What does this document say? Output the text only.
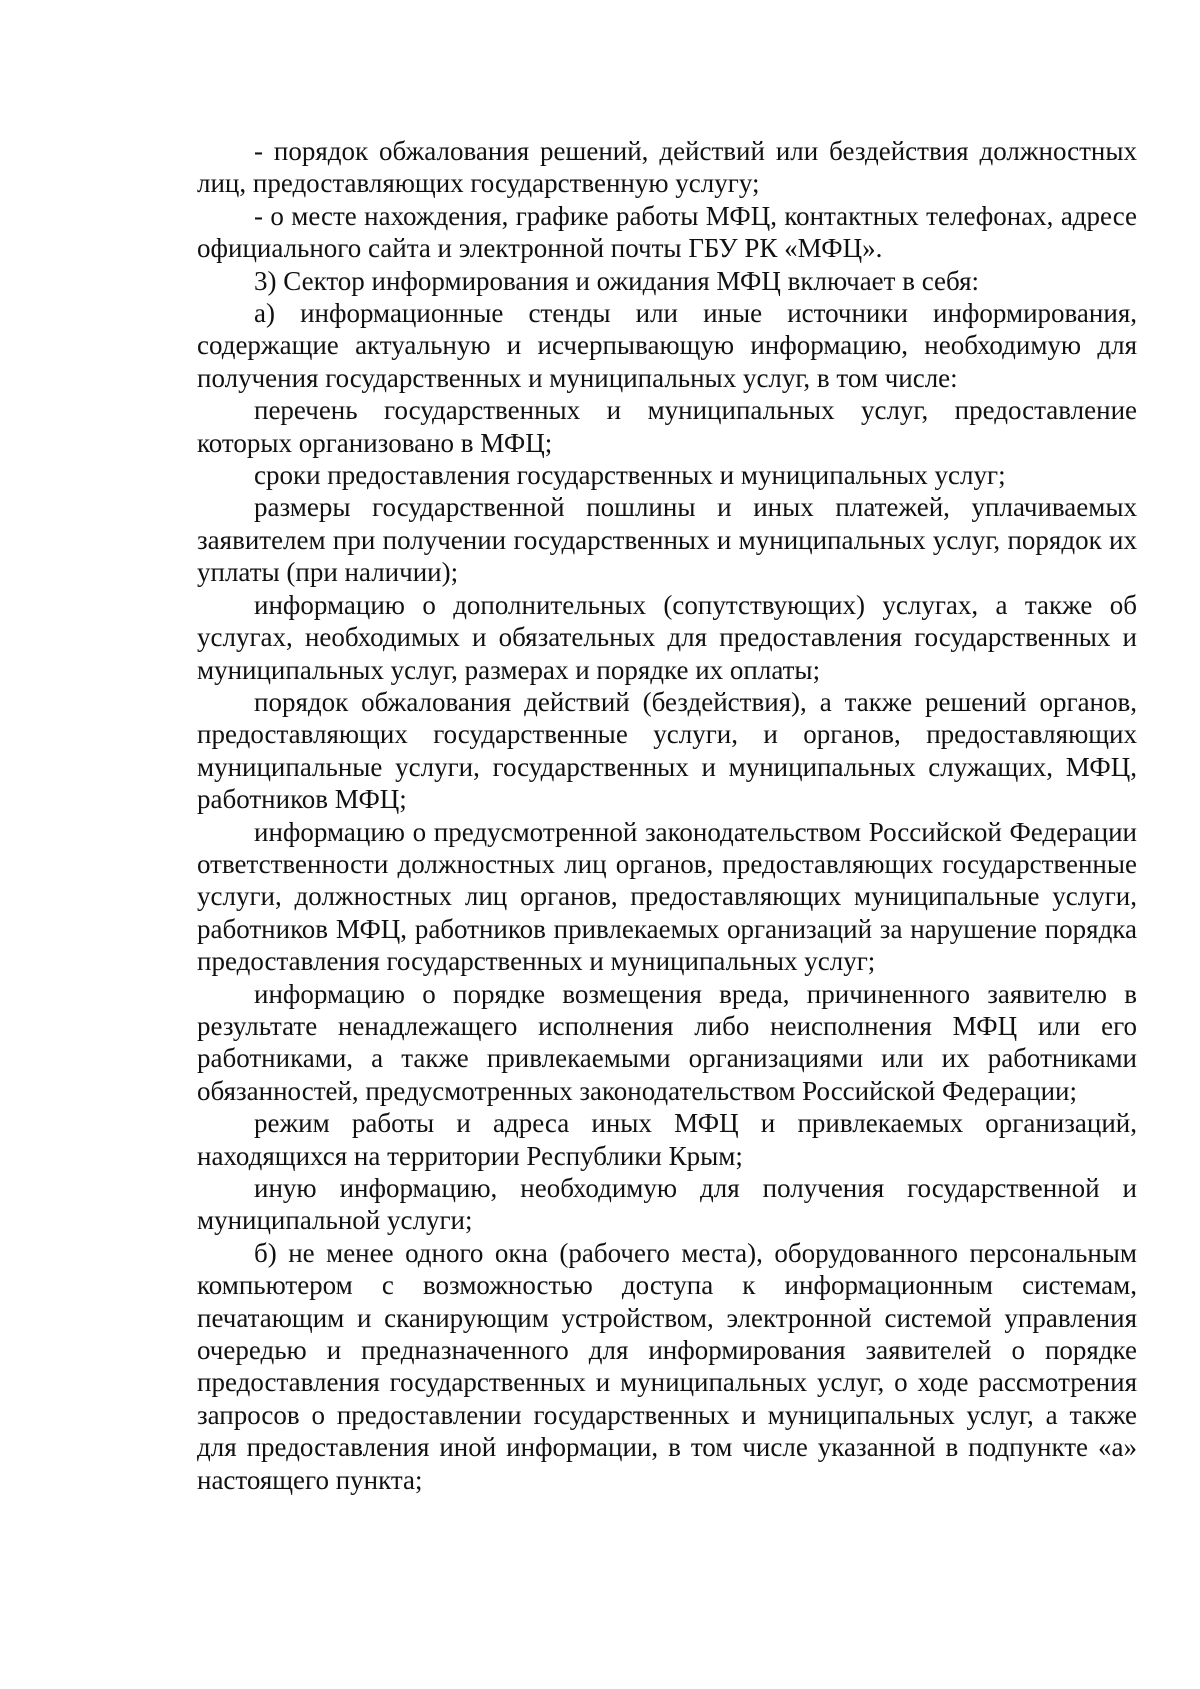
- порядок обжалования решений, действий или бездействия должностных лиц, предоставляющих государственную услугу;

- о месте нахождения, графике работы МФЦ, контактных телефонах, адресе официального сайта и электронной почты ГБУ РК «МФЦ».

3) Сектор информирования и ожидания МФЦ включает в себя:

а) информационные стенды или иные источники информирования, содержащие актуальную и исчерпывающую информацию, необходимую для получения государственных и муниципальных услуг, в том числе:

перечень государственных и муниципальных услуг, предоставление которых организовано в МФЦ;

сроки предоставления государственных и муниципальных услуг;

размеры государственной пошлины и иных платежей, уплачиваемых заявителем при получении государственных и муниципальных услуг, порядок их уплаты (при наличии);

информацию о дополнительных (сопутствующих) услугах, а также об услугах, необходимых и обязательных для предоставления государственных и муниципальных услуг, размерах и порядке их оплаты;

порядок обжалования действий (бездействия), а также решений органов, предоставляющих государственные услуги, и органов, предоставляющих муниципальные услуги, государственных и муниципальных служащих, МФЦ, работников МФЦ;

информацию о предусмотренной законодательством Российской Федерации ответственности должностных лиц органов, предоставляющих государственные услуги, должностных лиц органов, предоставляющих муниципальные услуги, работников МФЦ, работников привлекаемых организаций за нарушение порядка предоставления государственных и муниципальных услуг;

информацию о порядке возмещения вреда, причиненного заявителю в результате ненадлежащего исполнения либо неисполнения МФЦ или его работниками, а также привлекаемыми организациями или их работниками обязанностей, предусмотренных законодательством Российской Федерации;

режим работы и адреса иных МФЦ и привлекаемых организаций, находящихся на территории Республики Крым;

иную информацию, необходимую для получения государственной и муниципальной услуги;

б) не менее одного окна (рабочего места), оборудованного персональным компьютером с возможностью доступа к информационным системам, печатающим и сканирующим устройством, электронной системой управления очередью и предназначенного для информирования заявителей о порядке предоставления государственных и муниципальных услуг, о ходе рассмотрения запросов о предоставлении государственных и муниципальных услуг, а также для предоставления иной информации, в том числе указанной в подпункте «а» настоящего пункта;
